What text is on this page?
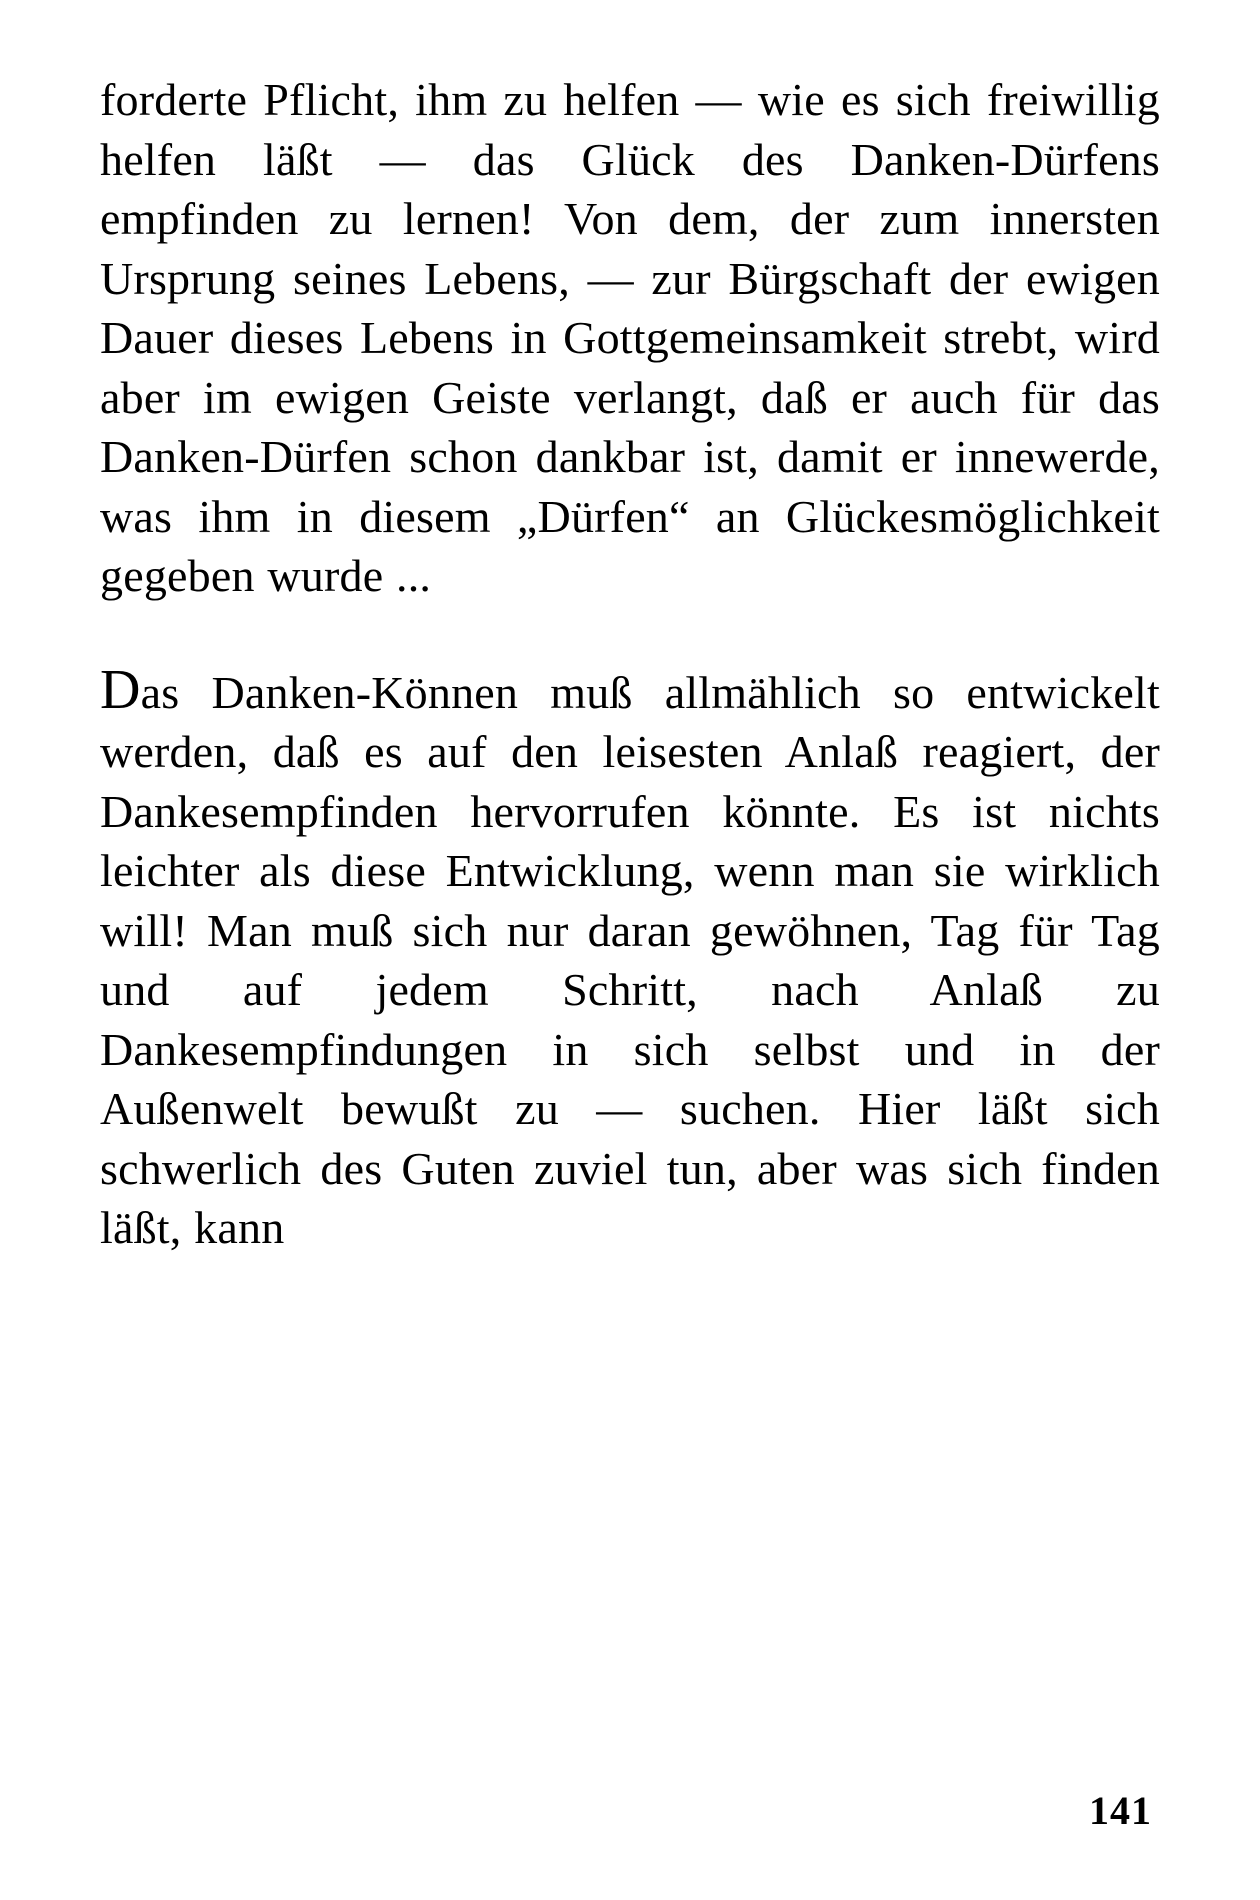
forderte Pflicht, ihm zu helfen — wie es sich freiwillig helfen läßt — das Glück des Danken-Dürfens empfinden zu lernen! Von dem, der zum innersten Ursprung seines Lebens, — zur Bürgschaft der ewigen Dauer dieses Lebens in Gottgemeinsamkeit strebt, wird aber im ewigen Geiste verlangt, daß er auch für das Danken-Dürfen schon dankbar ist, damit er innewerde, was ihm in diesem „Dürfen“ an Glückesmöglichkeit gegeben wurde ...

Das Danken-Können muß allmählich so entwickelt werden, daß es auf den leisesten Anlaß reagiert, der Dankesempfinden hervorrufen könnte. Es ist nichts leichter als diese Entwicklung, wenn man sie wirklich will! Man muß sich nur daran gewöhnen, Tag für Tag und auf jedem Schritt, nach Anlaß zu Dankesempfindungen in sich selbst und in der Außenwelt bewußt zu — suchen. Hier läßt sich schwerlich des Guten zuviel tun, aber was sich finden läßt, kann

141
